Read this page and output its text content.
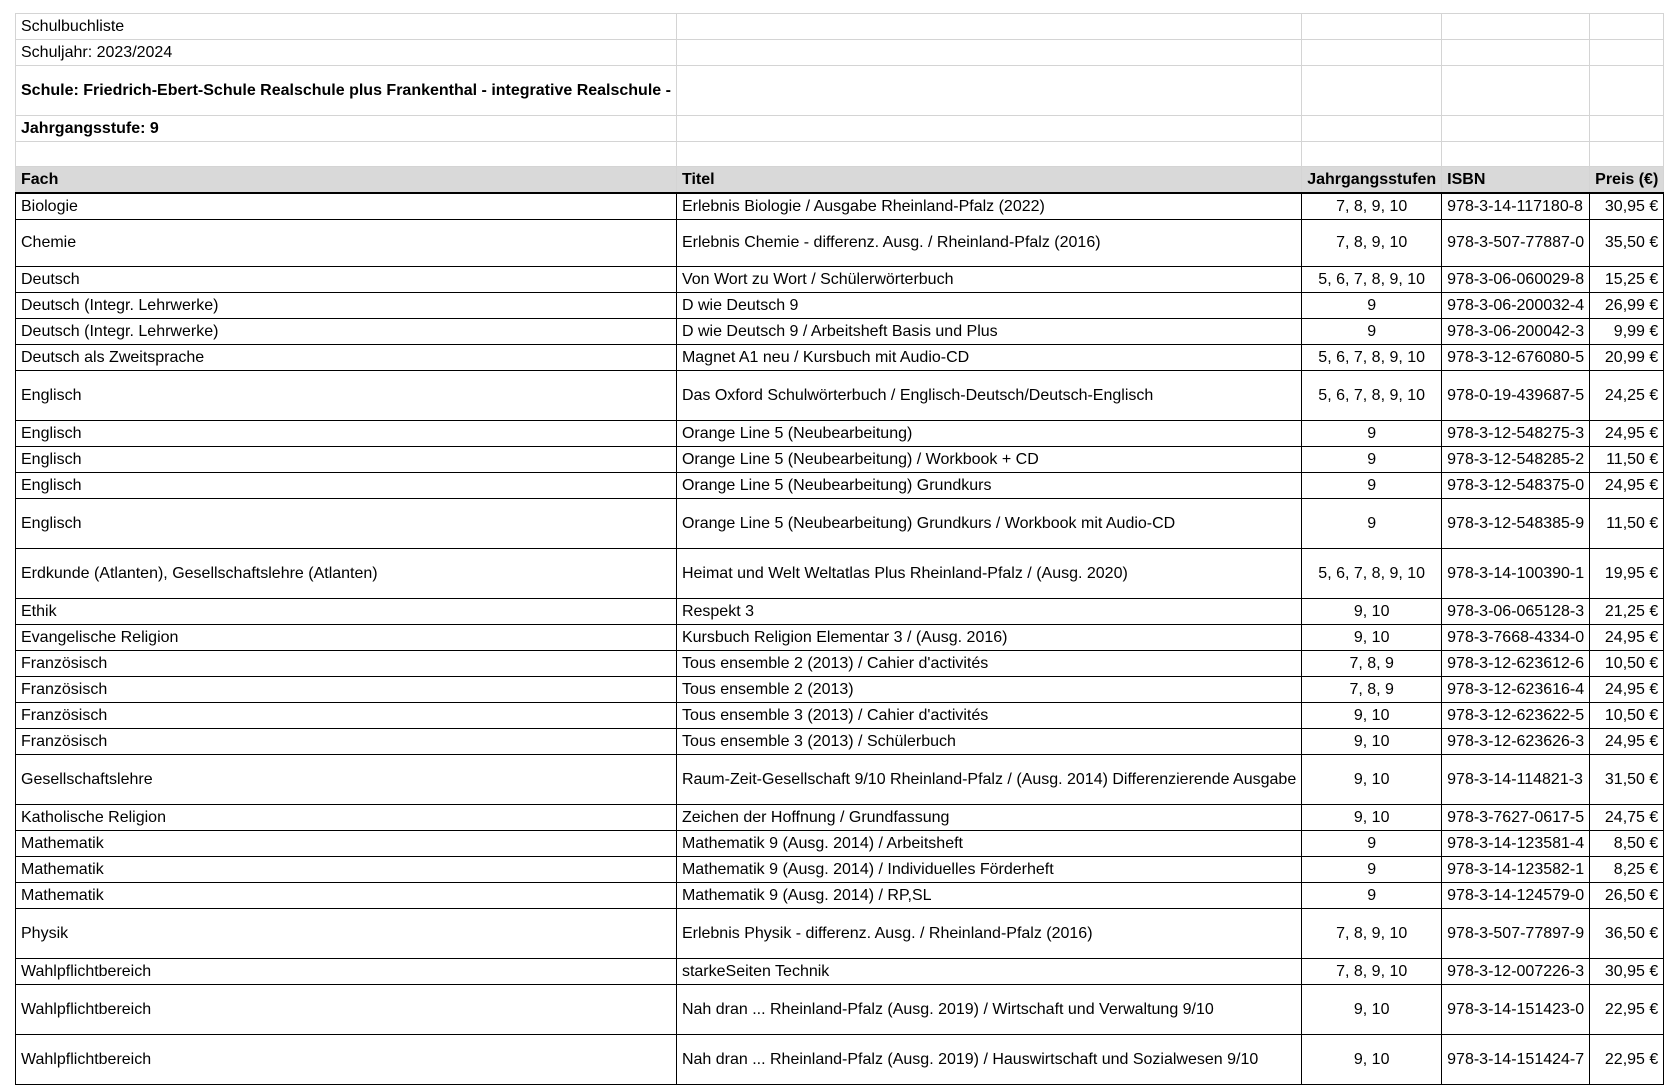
Schulbuchliste				
Schuljahr: 2023/2024				
Schule: Friedrich-Ebert-Schule Realschule plus Frankenthal - integrative Realschule -				
Jahrgangsstufe: 9				

Fach	Titel	Jahrgangsstufen	ISBN	Preis (€)
Biologie	Erlebnis Biologie / Ausgabe Rheinland-Pfalz (2022)	7, 8, 9, 10	978-3-14-117180-8	30,95 €
Chemie	Erlebnis Chemie - differenz. Ausg. / Rheinland-Pfalz (2016)	7, 8, 9, 10	978-3-507-77887-0	35,50 €
Deutsch	Von Wort zu Wort / Schülerwörterbuch	5, 6, 7, 8, 9, 10	978-3-06-060029-8	15,25 €
Deutsch (Integr. Lehrwerke)	D wie Deutsch 9	9	978-3-06-200032-4	26,99 €
Deutsch (Integr. Lehrwerke)	D wie Deutsch 9 / Arbeitsheft Basis und Plus	9	978-3-06-200042-3	9,99 €
Deutsch als Zweitsprache	Magnet A1 neu / Kursbuch mit Audio-CD	5, 6, 7, 8, 9, 10	978-3-12-676080-5	20,99 €
Englisch	Das Oxford Schulwörterbuch / Englisch-Deutsch/Deutsch-Englisch	5, 6, 7, 8, 9, 10	978-0-19-439687-5	24,25 €
Englisch	Orange Line 5 (Neubearbeitung)	9	978-3-12-548275-3	24,95 €
Englisch	Orange Line 5 (Neubearbeitung) / Workbook + CD	9	978-3-12-548285-2	11,50 €
Englisch	Orange Line 5 (Neubearbeitung) Grundkurs	9	978-3-12-548375-0	24,95 €
Englisch	Orange Line 5 (Neubearbeitung) Grundkurs / Workbook mit Audio-CD	9	978-3-12-548385-9	11,50 €
Erdkunde (Atlanten), Gesellschaftslehre (Atlanten)	Heimat und Welt Weltatlas Plus Rheinland-Pfalz / (Ausg. 2020)	5, 6, 7, 8, 9, 10	978-3-14-100390-1	19,95 €
Ethik	Respekt 3	9, 10	978-3-06-065128-3	21,25 €
Evangelische Religion	Kursbuch Religion Elementar 3 / (Ausg. 2016)	9, 10	978-3-7668-4334-0	24,95 €
Französisch	Tous ensemble 2 (2013) / Cahier d'activités	7, 8, 9	978-3-12-623612-6	10,50 €
Französisch	Tous ensemble 2 (2013)	7, 8, 9	978-3-12-623616-4	24,95 €
Französisch	Tous ensemble 3 (2013) / Cahier d'activités	9, 10	978-3-12-623622-5	10,50 €
Französisch	Tous ensemble 3 (2013) / Schülerbuch	9, 10	978-3-12-623626-3	24,95 €
Gesellschaftslehre	Raum-Zeit-Gesellschaft 9/10 Rheinland-Pfalz / (Ausg. 2014) Differenzierende Ausgabe	9, 10	978-3-14-114821-3	31,50 €
Katholische Religion	Zeichen der Hoffnung / Grundfassung	9, 10	978-3-7627-0617-5	24,75 €
Mathematik	Mathematik 9 (Ausg. 2014) / Arbeitsheft	9	978-3-14-123581-4	8,50 €
Mathematik	Mathematik 9 (Ausg. 2014) / Individuelles Förderheft	9	978-3-14-123582-1	8,25 €
Mathematik	Mathematik 9 (Ausg. 2014) / RP,SL	9	978-3-14-124579-0	26,50 €
Physik	Erlebnis Physik - differenz. Ausg. / Rheinland-Pfalz (2016)	7, 8, 9, 10	978-3-507-77897-9	36,50 €
Wahlpflichtbereich	starkeSeiten Technik	7, 8, 9, 10	978-3-12-007226-3	30,95 €
Wahlpflichtbereich	Nah dran ... Rheinland-Pfalz (Ausg. 2019) / Wirtschaft und Verwaltung 9/10	9, 10	978-3-14-151423-0	22,95 €
Wahlpflichtbereich	Nah dran ... Rheinland-Pfalz (Ausg. 2019) / Hauswirtschaft und Sozialwesen 9/10	9, 10	978-3-14-151424-7	22,95 €
